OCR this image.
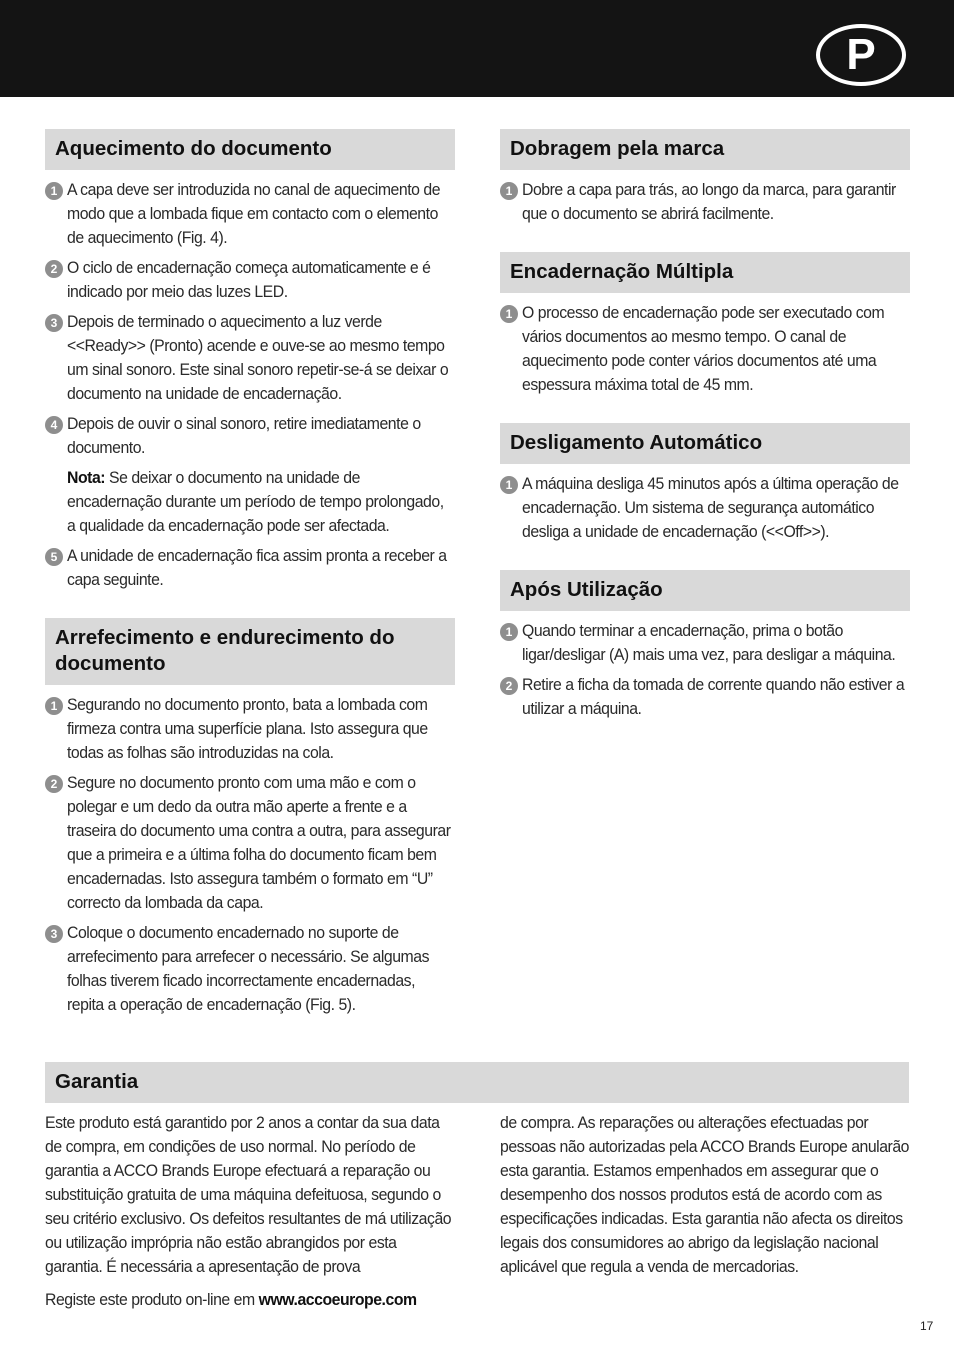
P
Aquecimento do documento
1 A capa deve ser introduzida no canal de aquecimento de modo que a lombada fique em contacto com o elemento de aquecimento (Fig. 4).
2 O ciclo de encadernação começa automaticamente e é indicado por meio das luzes LED.
3 Depois de terminado o aquecimento a luz verde <<Ready>> (Pronto) acende e ouve-se ao mesmo tempo um sinal sonoro. Este sinal sonoro repetir-se-á se deixar o documento na unidade de encadernação.
4 Depois de ouvir o sinal sonoro, retire imediatamente o documento.
Nota: Se deixar o documento na unidade de encadernação durante um período de tempo prolongado, a qualidade da encadernação pode ser afectada.
5 A unidade de encadernação fica assim pronta a receber a capa seguinte.
Arrefecimento e endurecimento do documento
1 Segurando no documento pronto, bata a lombada com firmeza contra uma superfície plana. Isto assegura que todas as folhas são introduzidas na cola.
2 Segure no documento pronto com uma mão e com o polegar e um dedo da outra mão aperte a frente e a traseira do documento uma contra a outra, para assegurar que a primeira e a última folha do documento ficam bem encadernadas. Isto assegura também o formato em “U” correcto da lombada da capa.
3 Coloque o documento encadernado no suporte de arrefecimento para arrefecer o necessário. Se algumas folhas tiverem ficado incorrectamente encadernadas, repita a operação de encadernação (Fig. 5).
Dobragem pela marca
1 Dobre a capa para trás, ao longo da marca, para garantir que o documento se abrirá facilmente.
Encadernação Múltipla
1 O processo de encadernação pode ser executado com vários documentos ao mesmo tempo. O canal de aquecimento pode conter vários documentos até uma espessura máxima total de 45 mm.
Desligamento Automático
1 A máquina desliga 45 minutos após a última operação de encadernação. Um sistema de segurança automático desliga a unidade de encadernação (<<Off>>).
Após Utilização
1 Quando terminar a encadernação, prima o botão ligar/desligar (A) mais uma vez, para desligar a máquina.
2 Retire a ficha da tomada de corrente quando não estiver a utilizar a máquina.
Garantia
Este produto está garantido por 2 anos a contar da sua data de compra, em condições de uso normal. No período de garantia a ACCO Brands Europe efectuará a reparação ou substituição gratuita de uma máquina defeituosa, segundo o seu critério exclusivo. Os defeitos resultantes de má utilização ou utilização imprópria não estão abrangidos por esta garantia. É necessária a apresentação de prova
de compra. As reparações ou alterações efectuadas por pessoas não autorizadas pela ACCO Brands Europe anularão esta garantia. Estamos empenhados em assegurar que o desempenho dos nossos produtos está de acordo com as especificações indicadas. Esta garantia não afecta os direitos legais dos consumidores ao abrigo da legislação nacional aplicável que regula a venda de mercadorias.
Registe este produto on-line em www.accoeurope.com
17
